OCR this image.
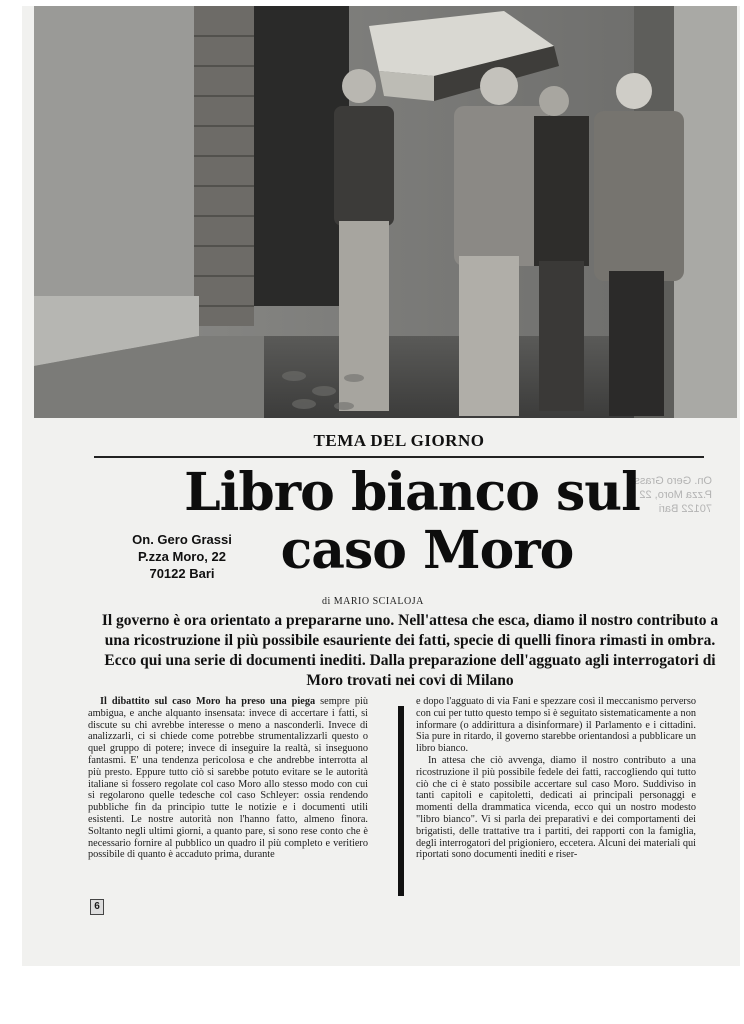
TEMA DEL GIORNO
On. Gero Grassi
P.zza Moro, 22
70122 Bari
Libro bianco sul

caso Moro
On. Gero Grassi
P.zza Moro, 22
70122 Bari
di MARIO SCIALOJA
Il governo è ora orientato a prepararne uno. Nell'attesa che esca, diamo il nostro contributo a una ricostruzione il più possibile esauriente dei fatti, specie di quelli finora rimasti in ombra. Ecco qui una serie di documenti inediti. Dalla preparazione dell'agguato agli interrogatori di Moro trovati nei covi di Milano

Il dibattito sul caso Moro ha preso una piega sempre più ambigua, e anche alquanto insensata: invece di accertare i fatti, si discute su chi avrebbe interesse o meno a nasconderli. Invece di analizzarli, ci si chiede come potrebbe strumentalizzarli questo o quel gruppo di potere; invece di inseguire la realtà, si inseguono fantasmi. E' una tendenza pericolosa e che andrebbe interrotta al più presto. Eppure tutto ciò si sarebbe potuto evitare se le autorità italiane si fossero regolate col caso Moro allo stesso modo con cui si regolarono quelle tedesche col caso Schleyer: ossia rendendo pubbliche fin da principio tutte le notizie e i documenti utili esistenti. Le nostre autorità non l'hanno fatto, almeno finora. Soltanto negli ultimi giorni, a quanto pare, si sono rese conto che è necessario fornire al pubblico un quadro il più completo e veritiero possibile di quanto è accaduto prima, durante

e dopo l'agguato di via Fani e spezzare così il meccanismo perverso con cui per tutto questo tempo si è seguitato sistematicamente a non informare (o addirittura a disinformare) il Parlamento e i cittadini. Sia pure in ritardo, il governo starebbe orientandosi a pubblicare un libro bianco.

In attesa che ciò avvenga, diamo il nostro contributo a una ricostruzione il più possibile fedele dei fatti, raccogliendo qui tutto ciò che ci è stato possibile accertare sul caso Moro. Suddiviso in tanti capitoli e capitoletti, dedicati ai principali personaggi e momenti della drammatica vicenda, ecco qui un nostro modesto "libro bianco". Vi si parla dei preparativi e dei comportamenti dei brigatisti, delle trattative tra i partiti, dei rapporti con la famiglia, degli interrogatori del prigioniero, eccetera. Alcuni dei materiali qui riportati sono documenti inediti e riser-

6
